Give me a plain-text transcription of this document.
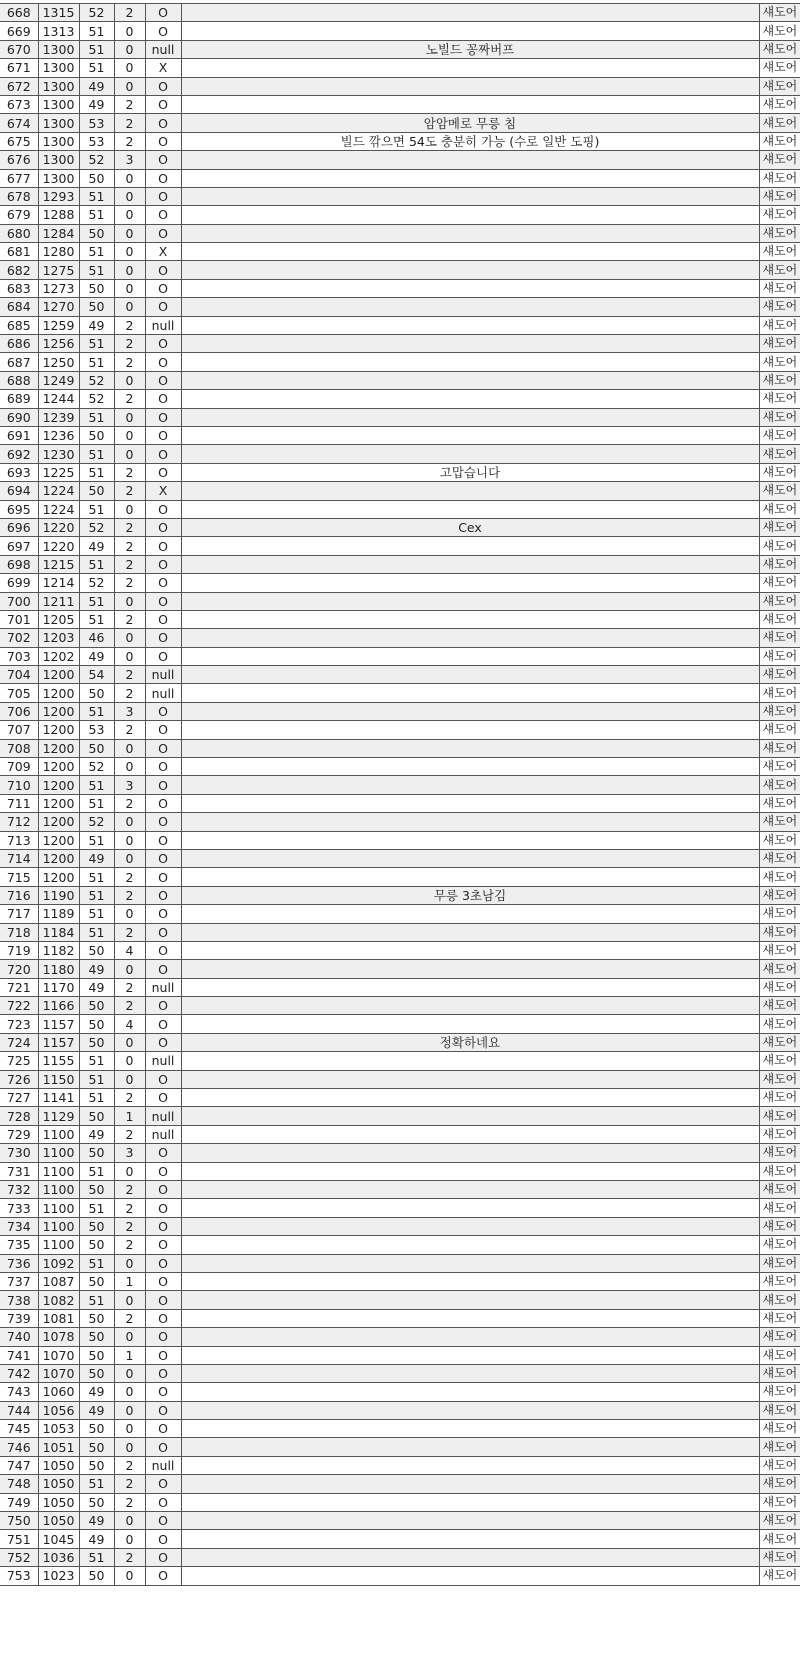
668	1315	52	2	O		섀도어
669	1313	51	0	O		섀도어
670	1300	51	0	null	노빌드 꽁짜버프	섀도어
671	1300	51	0	X		섀도어
672	1300	49	0	O		섀도어
673	1300	49	2	O		섀도어
674	1300	53	2	O	암암메로 무릉 침	섀도어
675	1300	53	2	O	빌드 깎으면 54도 충분히 가능 (수로 일반 도핑)	섀도어
676	1300	52	3	O		섀도어
677	1300	50	0	O		섀도어
678	1293	51	0	O		섀도어
679	1288	51	0	O		섀도어
680	1284	50	0	O		섀도어
681	1280	51	0	X		섀도어
682	1275	51	0	O		섀도어
683	1273	50	0	O		섀도어
684	1270	50	0	O		섀도어
685	1259	49	2	null		섀도어
686	1256	51	2	O		섀도어
687	1250	51	2	O		섀도어
688	1249	52	0	O		섀도어
689	1244	52	2	O		섀도어
690	1239	51	0	O		섀도어
691	1236	50	0	O		섀도어
692	1230	51	0	O		섀도어
693	1225	51	2	O	고맙습니다	섀도어
694	1224	50	2	X		섀도어
695	1224	51	0	O		섀도어
696	1220	52	2	O	Cex	섀도어
697	1220	49	2	O		섀도어
698	1215	51	2	O		섀도어
699	1214	52	2	O		섀도어
700	1211	51	0	O		섀도어
701	1205	51	2	O		섀도어
702	1203	46	0	O		섀도어
703	1202	49	0	O		섀도어
704	1200	54	2	null		섀도어
705	1200	50	2	null		섀도어
706	1200	51	3	O		섀도어
707	1200	53	2	O		섀도어
708	1200	50	0	O		섀도어
709	1200	52	0	O		섀도어
710	1200	51	3	O		섀도어
711	1200	51	2	O		섀도어
712	1200	52	0	O		섀도어
713	1200	51	0	O		섀도어
714	1200	49	0	O		섀도어
715	1200	51	2	O		섀도어
716	1190	51	2	O	무릉 3초남김	섀도어
717	1189	51	0	O		섀도어
718	1184	51	2	O		섀도어
719	1182	50	4	O		섀도어
720	1180	49	0	O		섀도어
721	1170	49	2	null		섀도어
722	1166	50	2	O		섀도어
723	1157	50	4	O		섀도어
724	1157	50	0	O	정확하네요	섀도어
725	1155	51	0	null		섀도어
726	1150	51	0	O		섀도어
727	1141	51	2	O		섀도어
728	1129	50	1	null		섀도어
729	1100	49	2	null		섀도어
730	1100	50	3	O		섀도어
731	1100	51	0	O		섀도어
732	1100	50	2	O		섀도어
733	1100	51	2	O		섀도어
734	1100	50	2	O		섀도어
735	1100	50	2	O		섀도어
736	1092	51	0	O		섀도어
737	1087	50	1	O		섀도어
738	1082	51	0	O		섀도어
739	1081	50	2	O		섀도어
740	1078	50	0	O		섀도어
741	1070	50	1	O		섀도어
742	1070	50	0	O		섀도어
743	1060	49	0	O		섀도어
744	1056	49	0	O		섀도어
745	1053	50	0	O		섀도어
746	1051	50	0	O		섀도어
747	1050	50	2	null		섀도어
748	1050	51	2	O		섀도어
749	1050	50	2	O		섀도어
750	1050	49	0	O		섀도어
751	1045	49	0	O		섀도어
752	1036	51	2	O		섀도어
753	1023	50	0	O		섀도어
